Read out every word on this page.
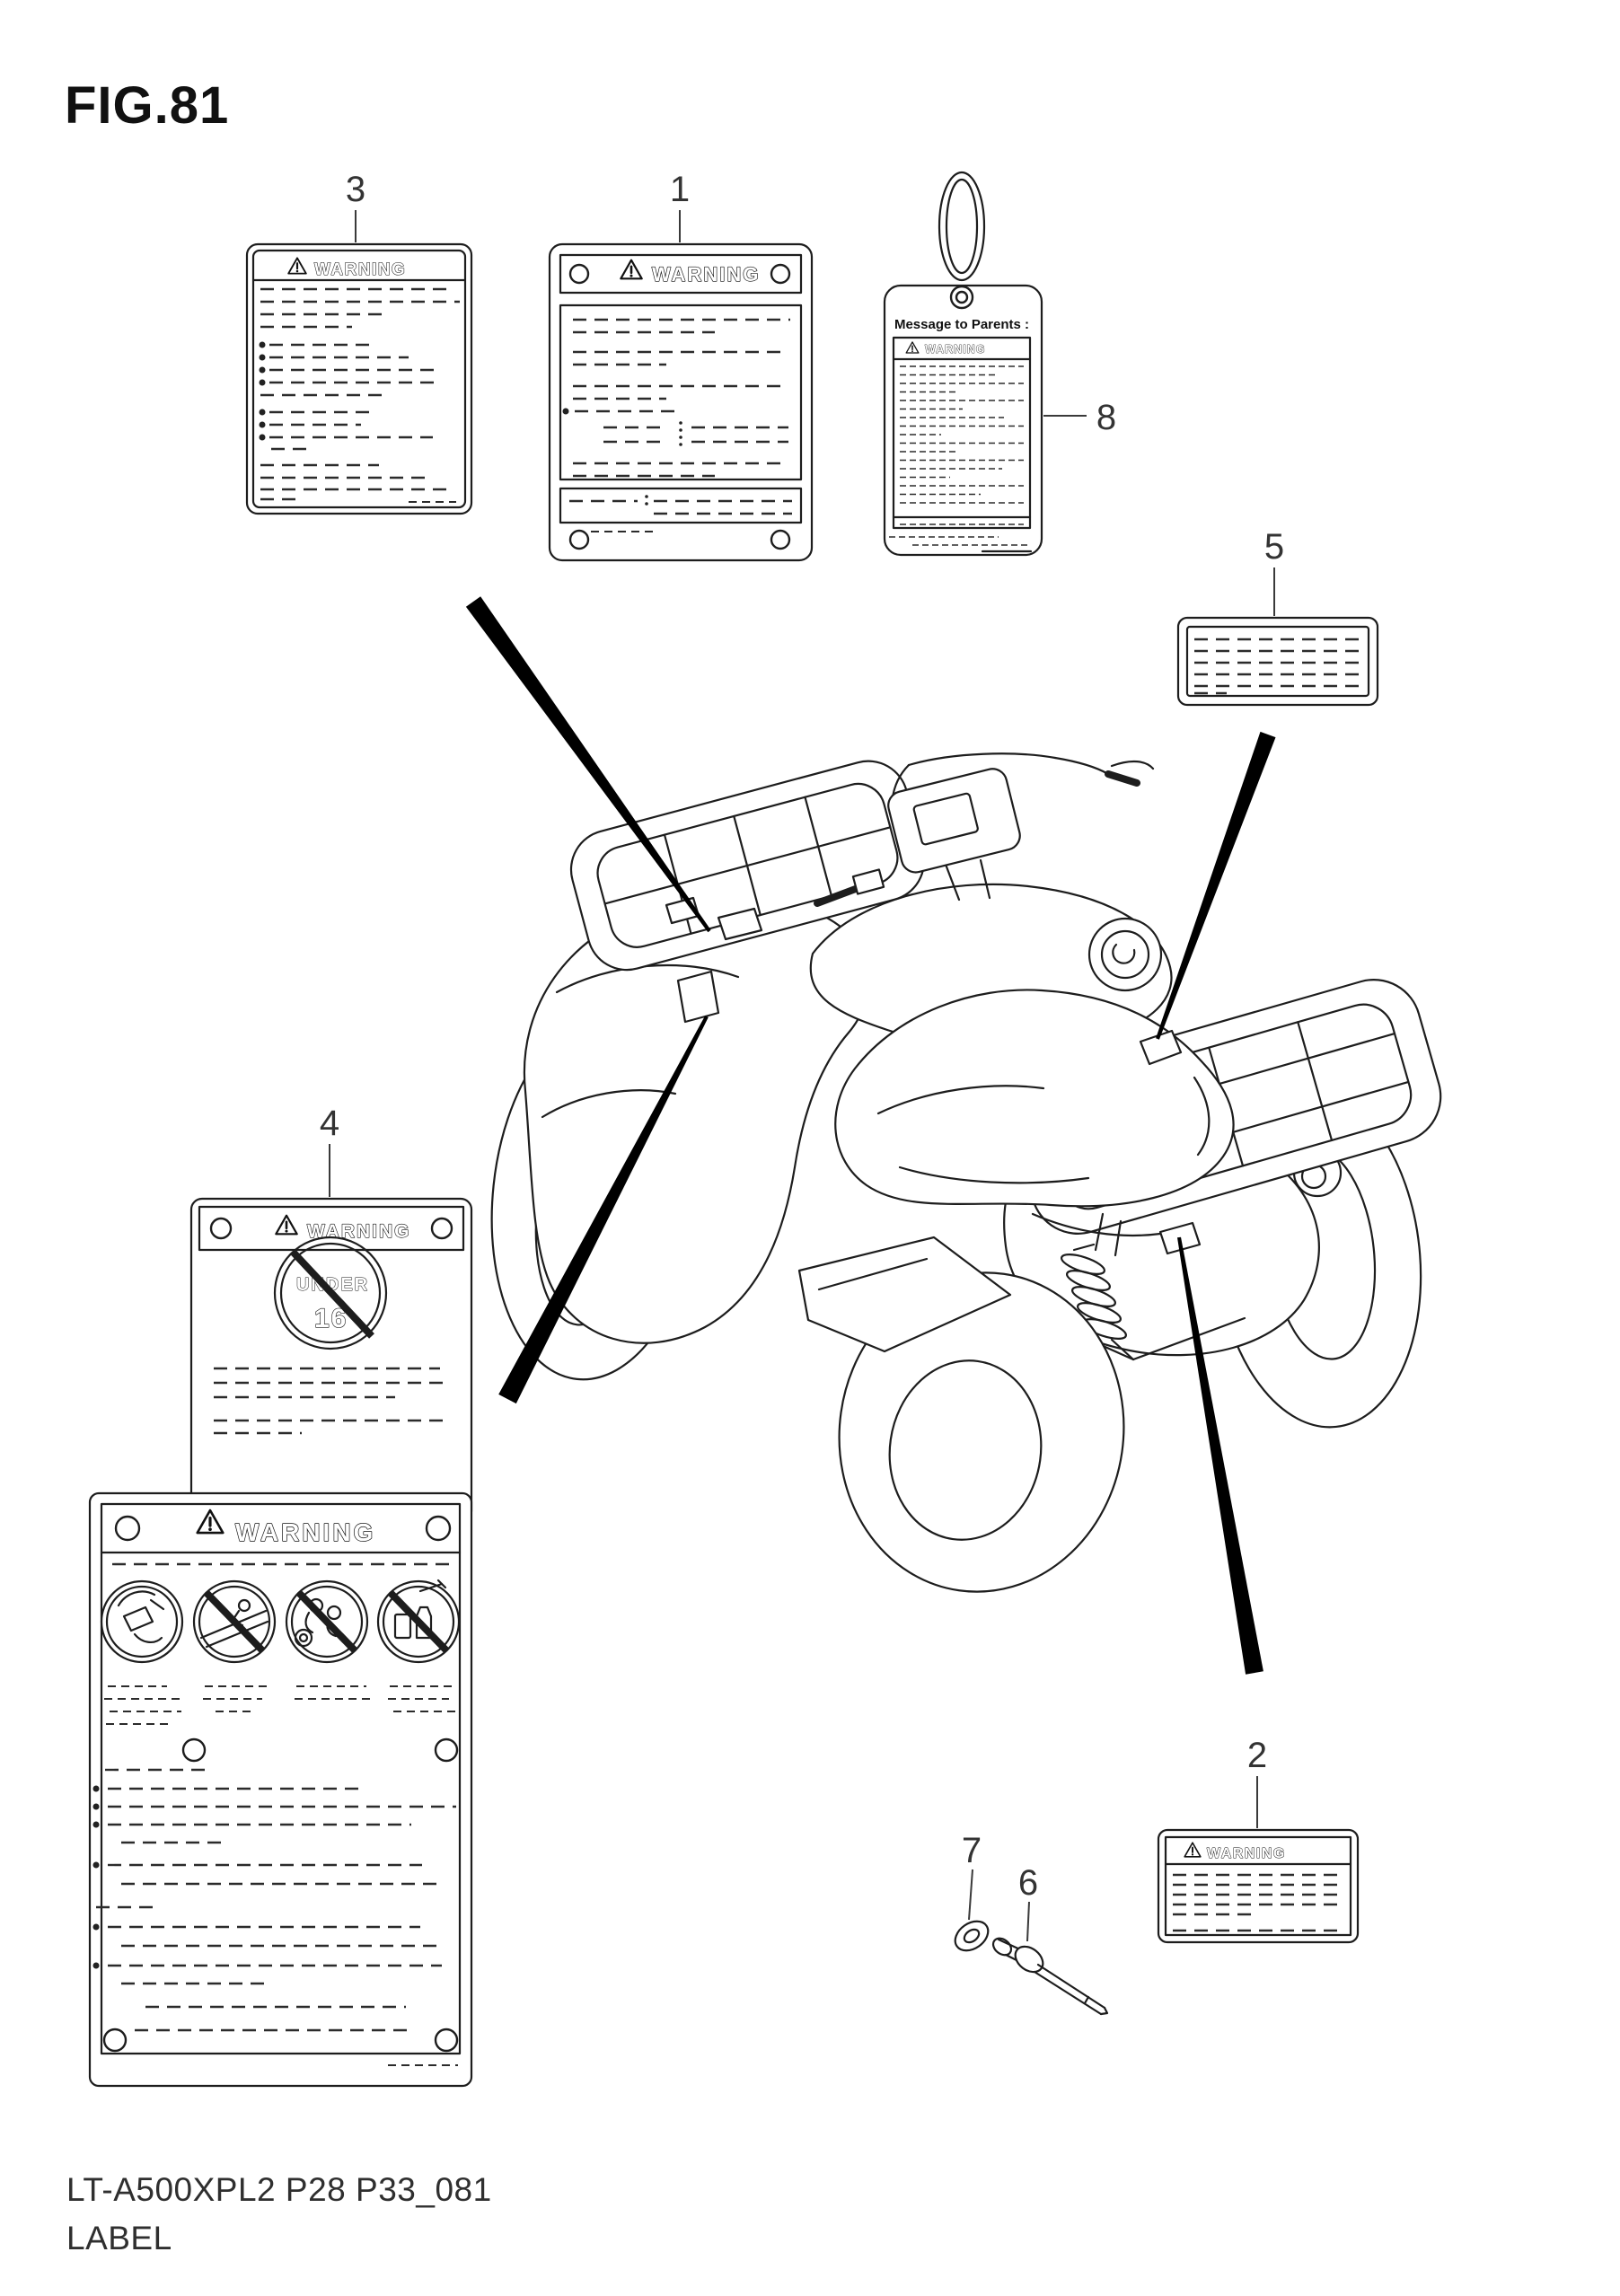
FIG.81
WARNING	WARNING
Message to Parents :
WARNING
WARNING
UNDER
16
WARNING
WARNING
3	1
8
5
4
2
7
6
LT-A500XPL2 P28 P33_081
LABEL
